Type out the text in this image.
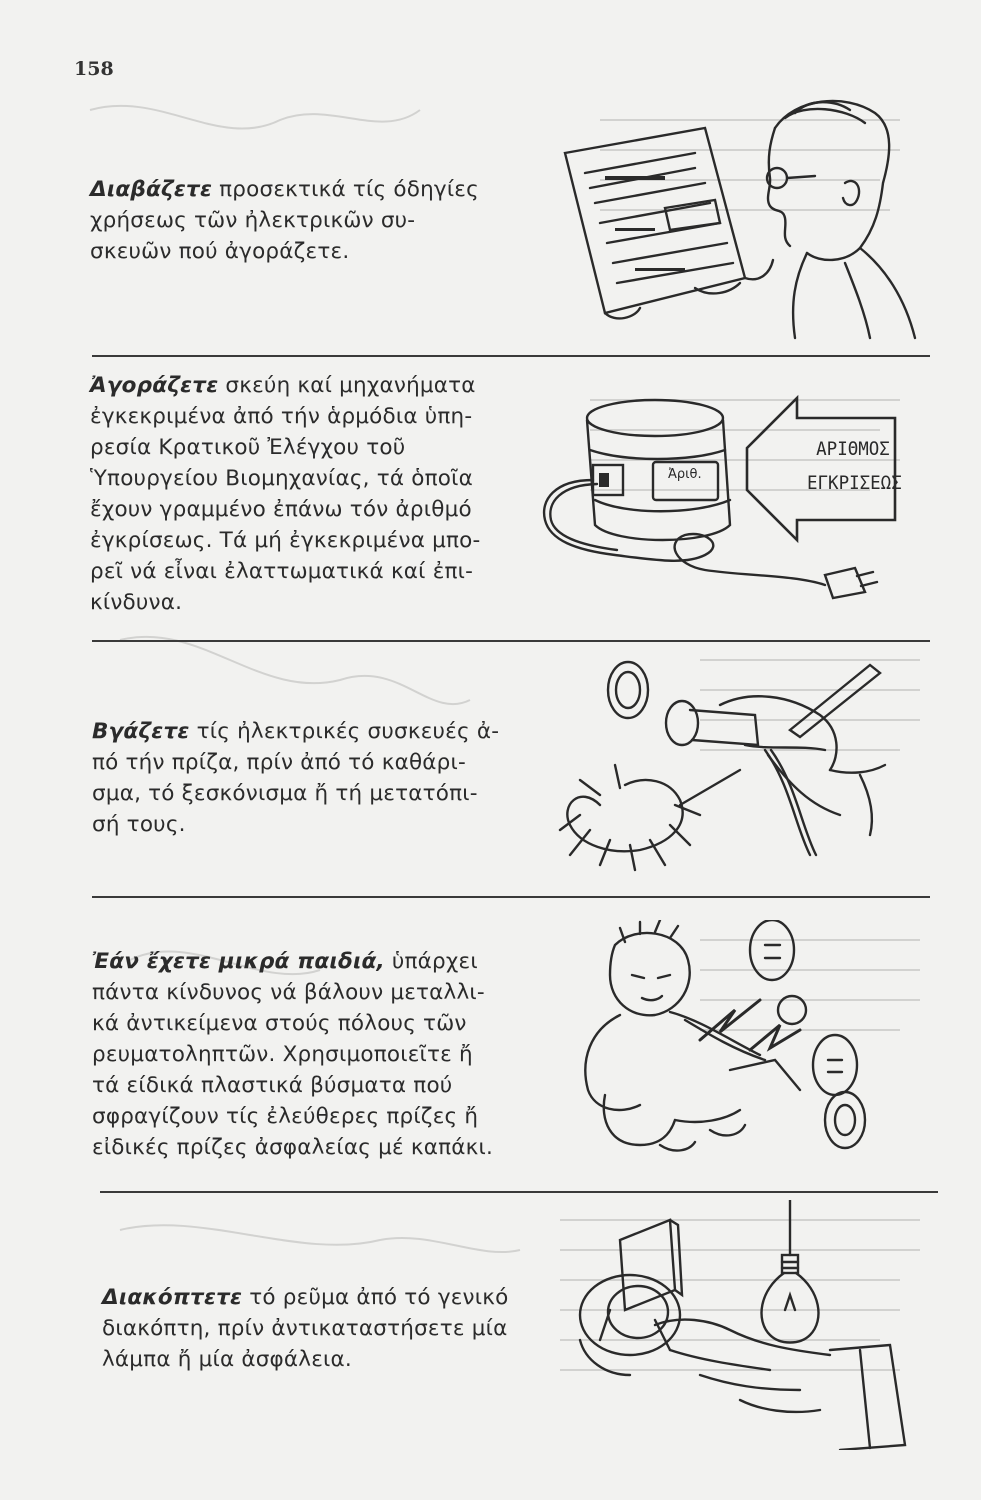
158
Διαβάζετε προσεκτικά τίς όδηγίες
χρήσεως τῶν ἠλεκτρικῶν συ-
σκευῶν πού ἀγοράζετε.
Ἀγοράζετε σκεύη καί μηχανήματα
ἐγκεκριμένα ἀπό τήν ἁρμόδια ὑπη-
ρεσία Κρατικοῦ Ἐλέγχου τοῦ
Ὑπουργείου Βιομηχανίας, τά ὁποῖα
ἔχουν γραμμένο ἐπάνω τόν ἀριθμό
ἐγκρίσεως. Τά μή ἐγκεκριμένα μπο-
ρεῖ νά εἶναι ἐλαττωματικά καί ἐπι-
κίνδυνα.
Ἀριθ.
ΑΡΙΘΜΟΣ
ΕΓΚΡΙΣΕΩΣ
Βγάζετε τίς ἠλεκτρικές συσκευές ἀ-
πό τήν πρίζα, πρίν ἀπό τό καθάρι-
σμα, τό ξεσκόνισμα ἤ τή μετατόπι-
σή τους.
Ἐάν ἔχετε μικρά παιδιά, ὑπάρχει
πάντα κίνδυνος νά βάλουν μεταλλι-
κά ἀντικείμενα στούς πόλους τῶν
ρευματοληπτῶν. Χρησιμοποιεῖτε ἤ
τά είδικά πλαστικά βύσματα πού
σφραγίζουν τίς ἐλεύθερες πρίζες ἤ
εἰδικές πρίζες ἀσφαλείας μέ καπάκι.
Διακόπτετε τό ρεῦμα ἀπό τό γενικό
διακόπτη, πρίν ἀντικαταστήσετε μία
λάμπα ἤ μία ἀσφάλεια.
